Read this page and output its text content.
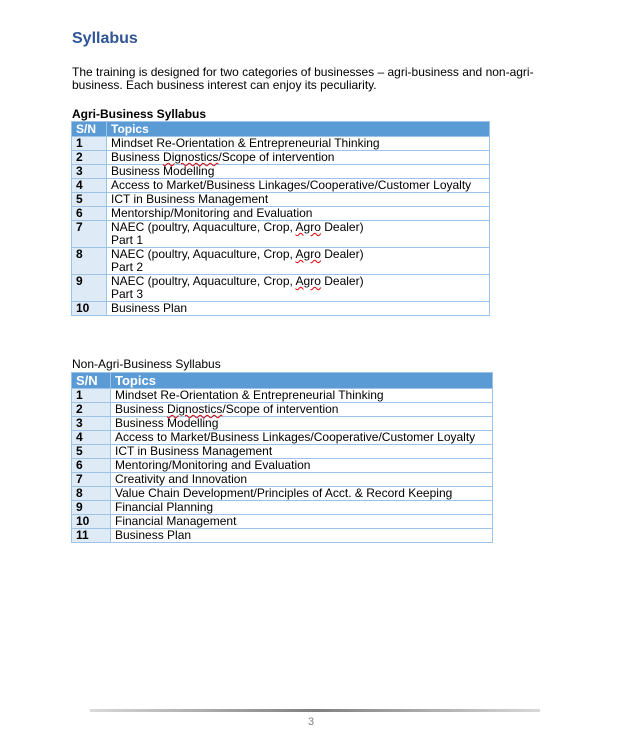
Syllabus
The training is designed for two categories of businesses – agri-business and non-agri-business. Each business interest can enjoy its peculiarity.
Agri-Business Syllabus
S/N	Topics
1	Mindset Re-Orientation & Entrepreneurial Thinking
2	Business Dignostics/Scope of intervention
3	Business Modelling
4	Access to Market/Business Linkages/Cooperative/Customer Loyalty
5	ICT in Business Management
6	Mentorship/Monitoring and Evaluation
7	NAEC (poultry, Aquaculture, Crop, Agro Dealer)
Part 1
8	NAEC (poultry, Aquaculture, Crop, Agro Dealer)
Part 2
9	NAEC (poultry, Aquaculture, Crop, Agro Dealer)
Part 3
10	Business Plan
Non-Agri-Business Syllabus
S/N	Topics
1	Mindset Re-Orientation & Entrepreneurial Thinking
2	Business Dignostics/Scope of intervention
3	Business Modelling
4	Access to Market/Business Linkages/Cooperative/Customer Loyalty
5	ICT in Business Management
6	Mentoring/Monitoring and Evaluation
7	Creativity and Innovation
8	Value Chain Development/Principles of Acct. & Record Keeping
9	Financial Planning
10	Financial Management
11	Business Plan
3
